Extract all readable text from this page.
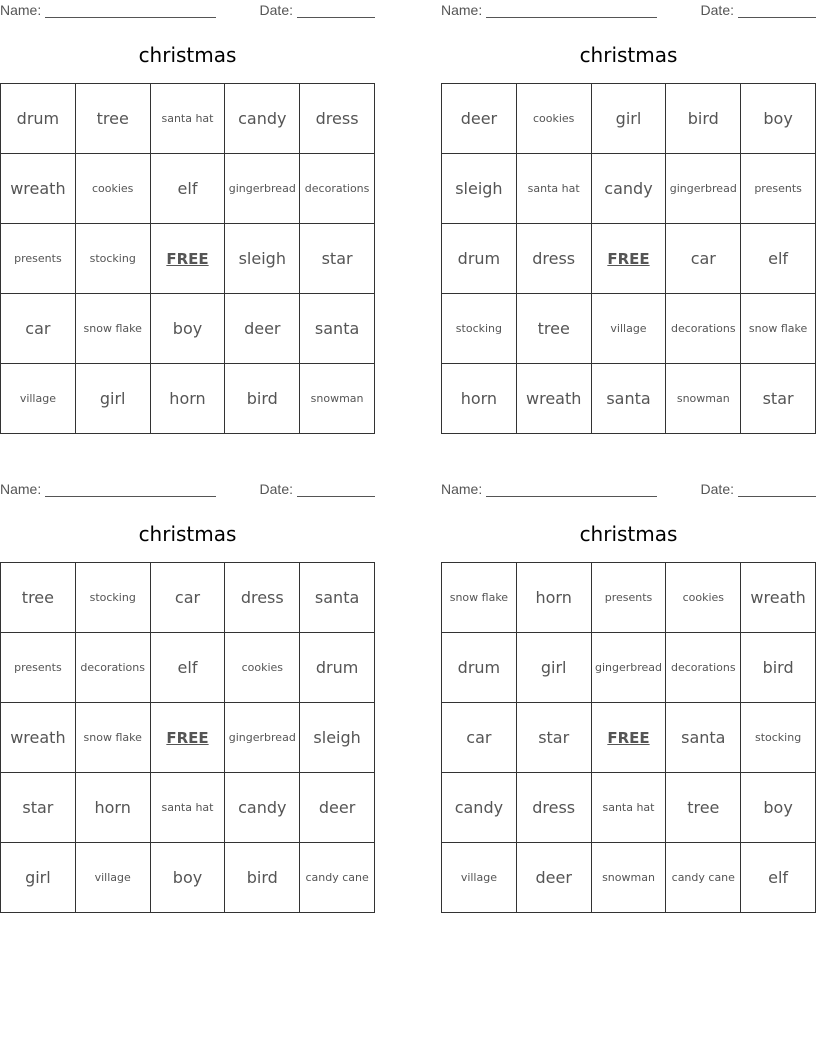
Name:	Date:
christmas
drum	tree	santa hat	candy	dress
wreath	cookies	elf	gingerbread	decorations
presents	stocking	FREE	sleigh	star
car	snow flake	boy	deer	santa
village	girl	horn	bird	snowman
Name:	Date:
christmas
deer	cookies	girl	bird	boy
sleigh	santa hat	candy	gingerbread	presents
drum	dress	FREE	car	elf
stocking	tree	village	decorations	snow flake
horn	wreath	santa	snowman	star
Name:	Date:
christmas
tree	stocking	car	dress	santa
presents	decorations	elf	cookies	drum
wreath	snow flake	FREE	gingerbread	sleigh
star	horn	santa hat	candy	deer
girl	village	boy	bird	candy cane
Name:	Date:
christmas
snow flake	horn	presents	cookies	wreath
drum	girl	gingerbread	decorations	bird
car	star	FREE	santa	stocking
candy	dress	santa hat	tree	boy
village	deer	snowman	candy cane	elf
